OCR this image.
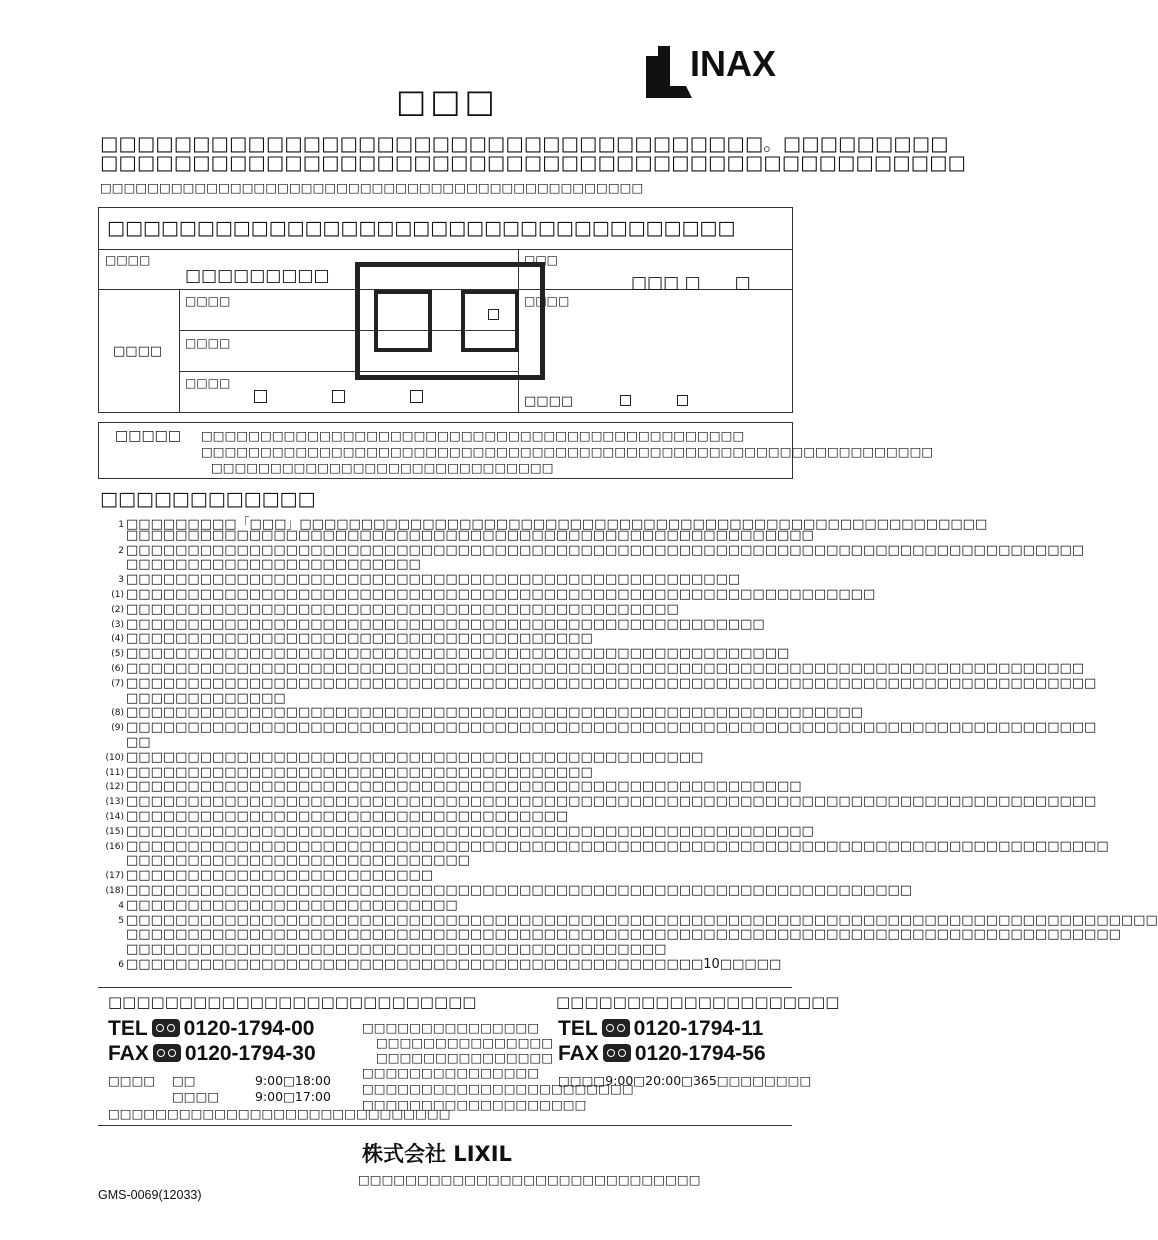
INAX
□□□
□□□□□□□□□□□□□□□□□□□□□□□□□□□□□□□□□□□□。□□□□□□□□□
□□□□□□□□□□□□□□□□□□□□□□□□□□□□□□□□□□□□□□□□□□□□□□□
□□□□□□□□□□□□□□□□□□□□□□□□□□□□□□□□□□□□□□□□□□□□□□
□□□□□□□□□□□□□□□□□□□□□□□□□□□□□□□□□□□
□□□□
□□□□□□□□□
□□□
□□□ □　　□
□□□□
□□□□
□□□□
□□□□
□□□□
□□□□
□□□□□ □□□□□□□□□□□□□□□□□□□□□□□□□□□□□□□□□□□□□□□□□□□□□□
□□□□□□□□□□□□□□□□□□□□□□□□□□□□□□□□□□□□□□□□□□□□□□□□□□□□□□□□□□□□□□
□□□□□□□□□□□□□□□□□□□□□□□□□□□□□
□□□□□□□□□□□□
1 □□□□□□□□□「□□□」□□□□□□□□□□□□□□□□□□□□□□□□□□□□□□□□□□□□□□□□□□□□□□□□□□□□□□□□
□□□□□□□□□□□□□□□□□□□□□□□□□□□□□□□□□□□□□□□□□□□□□□□□□□□□□□□□
2 □□□□□□□□□□□□□□□□□□□□□□□□□□□□□□□□□□□□□□□□□□□□□□□□□□□□□□□□□□□□□□□□□□□□□□□□□□□□□□
□□□□□□□□□□□□□□□□□□□□□□□□
3 □□□□□□□□□□□□□□□□□□□□□□□□□□□□□□□□□□□□□□□□□□□□□□□□□□
(1) □□□□□□□□□□□□□□□□□□□□□□□□□□□□□□□□□□□□□□□□□□□□□□□□□□□□□□□□□□□□□
(2) □□□□□□□□□□□□□□□□□□□□□□□□□□□□□□□□□□□□□□□□□□□□□
(3) □□□□□□□□□□□□□□□□□□□□□□□□□□□□□□□□□□□□□□□□□□□□□□□□□□□□
(4) □□□□□□□□□□□□□□□□□□□□□□□□□□□□□□□□□□□□□□
(5) □□□□□□□□□□□□□□□□□□□□□□□□□□□□□□□□□□□□□□□□□□□□□□□□□□□□□□
(6) □□□□□□□□□□□□□□□□□□□□□□□□□□□□□□□□□□□□□□□□□□□□□□□□□□□□□□□□□□□□□□□□□□□□□□□□□□□□□□
(7) □□□□□□□□□□□□□□□□□□□□□□□□□□□□□□□□□□□□□□□□□□□□□□□□□□□□□□□□□□□□□□□□□□□□□□□□□□□□□□□
□□□□□□□□□□□□□
(8) □□□□□□□□□□□□□□□□□□□□□□□□□□□□□□□□□□□□□□□□□□□□□□□□□□□□□□□□□□□□
(9) □□□□□□□□□□□□□□□□□□□□□□□□□□□□□□□□□□□□□□□□□□□□□□□□□□□□□□□□□□□□□□□□□□□□□□□□□□□□□□□
□□
(10) □□□□□□□□□□□□□□□□□□□□□□□□□□□□□□□□□□□□□□□□□□□□□□□
(11) □□□□□□□□□□□□□□□□□□□□□□□□□□□□□□□□□□□□□□
(12) □□□□□□□□□□□□□□□□□□□□□□□□□□□□□□□□□□□□□□□□□□□□□□□□□□□□□□□
(13) □□□□□□□□□□□□□□□□□□□□□□□□□□□□□□□□□□□□□□□□□□□□□□□□□□□□□□□□□□□□□□□□□□□□□□□□□□□□□□□
(14) □□□□□□□□□□□□□□□□□□□□□□□□□□□□□□□□□□□□
(15) □□□□□□□□□□□□□□□□□□□□□□□□□□□□□□□□□□□□□□□□□□□□□□□□□□□□□□□□
(16) □□□□□□□□□□□□□□□□□□□□□□□□□□□□□□□□□□□□□□□□□□□□□□□□□□□□□□□□□□□□□□□□□□□□□□□□□□□□□□□□
□□□□□□□□□□□□□□□□□□□□□□□□□□□□
(17) □□□□□□□□□□□□□□□□□□□□□□□□□
(18) □□□□□□□□□□□□□□□□□□□□□□□□□□□□□□□□□□□□□□□□□□□□□□□□□□□□□□□□□□□□□□□□
4 □□□□□□□□□□□□□□□□□□□□□□□□□□□
5 □□□□□□□□□□□□□□□□□□□□□□□□□□□□□□□□□□□□□□□□□□□□□□□□□□□□□□□□□□□□□□□□□□□□□□□□□□□□□□□□□□□□
□□□□□□□□□□□□□□□□□□□□□□□□□□□□□□□□□□□□□□□□□□□□□□□□□□□□□□□□□□□□□□□□□□□□□□□□□□□□□□□□□
□□□□□□□□□□□□□□□□□□□□□□□□□□□□□□□□□□□□□□□□□□□□
6 □□□□□□□□□□□□□□□□□□□□□□□□□□□□□□□□□□□□□□□□□□□□□□□10□□□□□
□□□□□□□□□□□□□□□□□□□□□□□□□□
TEL 0120-1794-00
FAX 0120-1794-30
□□□□ □□	9:00□18:00
□□□□	9:00□17:00
□□□□□□□□□□□□□□□□□□□□□□□□□□□□□
□□□□□□□□□□□□□□□
□□□□□□□□□□□□□□□
□□□□□□□□□□□□□□□
□□□□□□□□□□□□□□□
□□□□□□□□□□□□□□□□□□□□□□□
□□□□□□□□□□□□□□□□□□□
□□□□□□□□□□□□□□□□□□□□
TEL 0120-1794-11
FAX 0120-1794-56
□□□□9:00□20:00□365□□□□□□□□
株式会社 LIXIL
□□□□□□□□□□□□□□□□□□□□□□□□□□□□□
GMS-0069(12033)
